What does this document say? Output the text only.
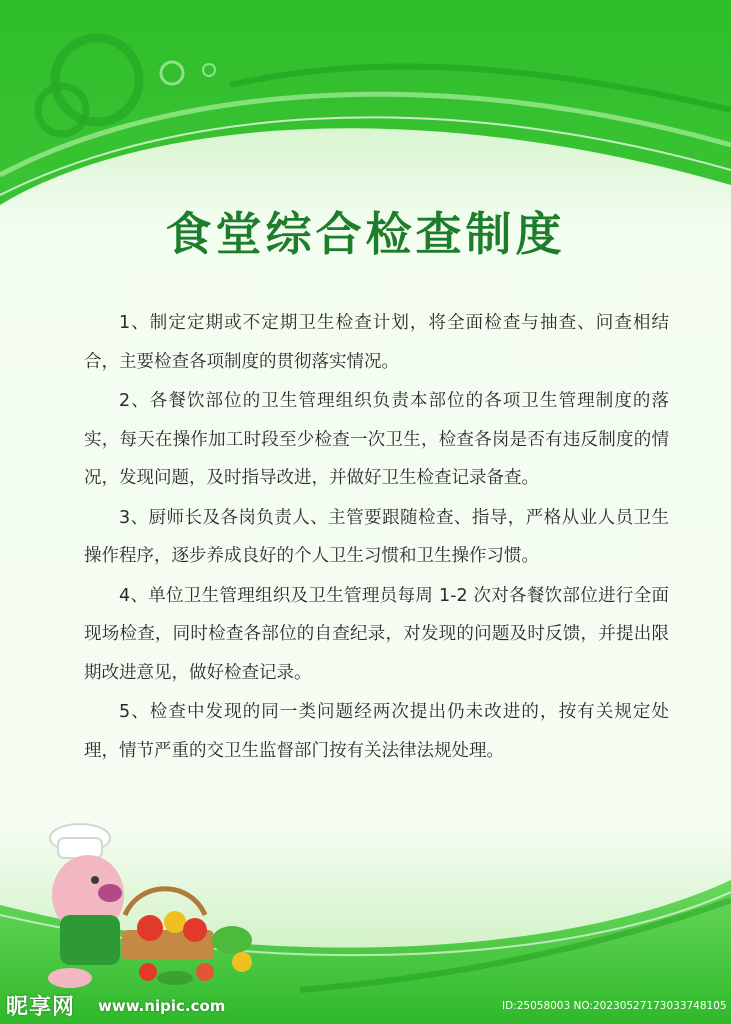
食堂综合检查制度

1、制定定期或不定期卫生检查计划，将全面检查与抽查、问查相结合，主要检查各项制度的贯彻落实情况。

2、各餐饮部位的卫生管理组织负责本部位的各项卫生管理制度的落实，每天在操作加工时段至少检查一次卫生，检查各岗是否有违反制度的情况，发现问题，及时指导改进，并做好卫生检查记录备查。

3、厨师长及各岗负责人、主管要跟随检查、指导，严格从业人员卫生操作程序，逐步养成良好的个人卫生习惯和卫生操作习惯。

4、单位卫生管理组织及卫生管理员每周 1-2 次对各餐饮部位进行全面现场检查，同时检查各部位的自查纪录，对发现的问题及时反馈，并提出限期改进意见，做好检查记录。

5、检查中发现的同一类问题经两次提出仍未改进的，按有关规定处理，情节严重的交卫生监督部门按有关法律法规处理。

昵享网 www.nipic.com	ID:25058003 NO:20230527173033748105
